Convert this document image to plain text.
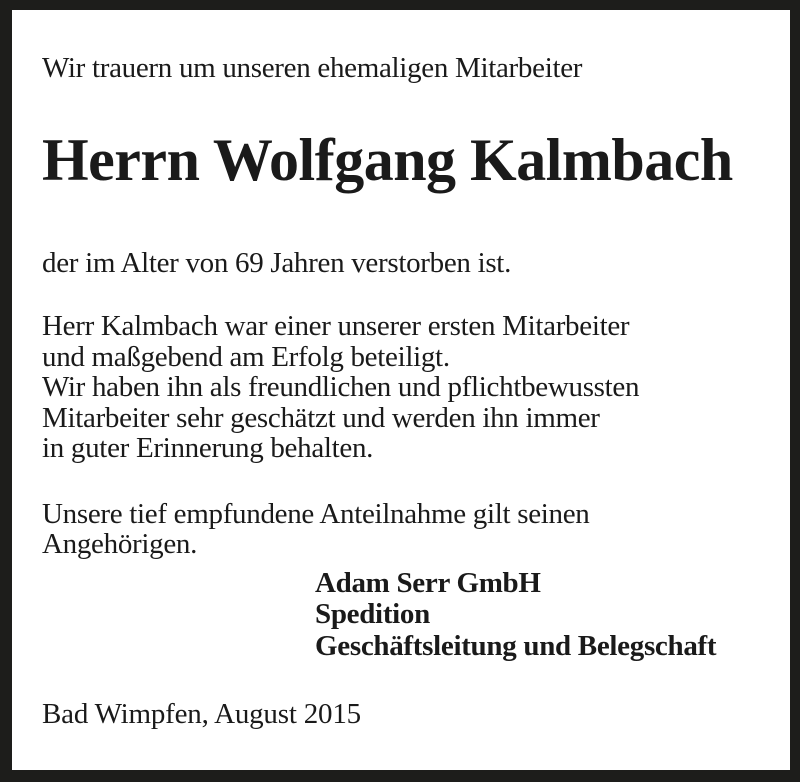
Wir trauern um unseren ehemaligen Mitarbeiter
Herrn Wolfgang Kalmbach
der im Alter von 69 Jahren verstorben ist.
Herr Kalmbach war einer unserer ersten Mitarbeiter
und maßgebend am Erfolg beteiligt.
Wir haben ihn als freundlichen und pflichtbewussten
Mitarbeiter sehr geschätzt und werden ihn immer
in guter Erinnerung behalten.
Unsere tief empfundene Anteilnahme gilt seinen
Angehörigen.
Adam Serr GmbH
Spedition
Geschäftsleitung und Belegschaft
Bad Wimpfen, August 2015
